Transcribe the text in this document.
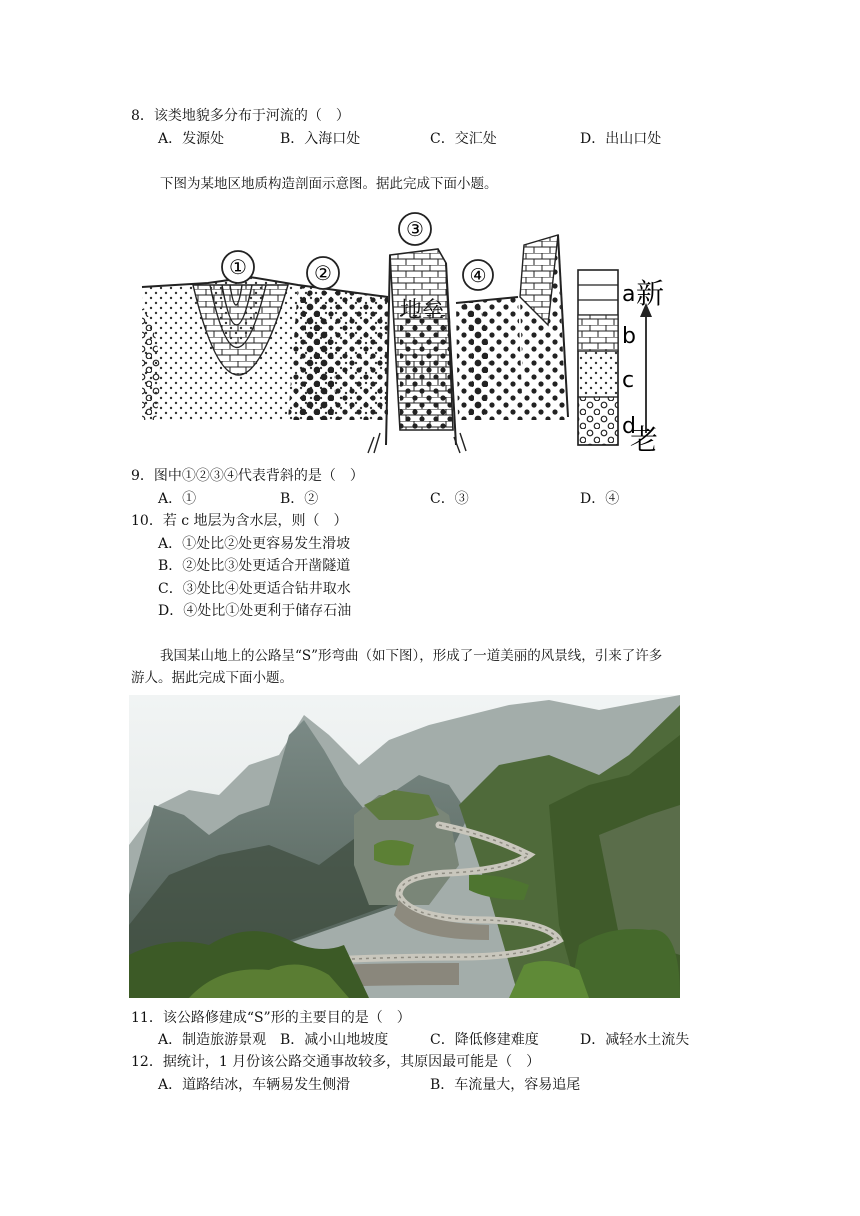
8．该类地貌多分布于河流的（　）
A．发源处	B．入海口处	C．交汇处	D．出山口处
下图为某地区地质构造剖面示意图。据此完成下面小题。
地垒
①	②
③
④
a
b
c
d
新
老
9．图中①②③④代表背斜的是（　）
A．①	B．②	C．③	D．④
10．若 c 地层为含水层，则（　）
A．①处比②处更容易发生滑坡
B．②处比③处更适合开凿隧道
C．③处比④处更适合钻井取水
D．④处比①处更利于储存石油
我国某山地上的公路呈“S”形弯曲（如下图），形成了一道美丽的风景线，引来了许多
游人。据此完成下面小题。
11．该公路修建成“S”形的主要目的是（　）
A．制造旅游景观 B．减小山地坡度	C．降低修建难度	D．减轻水土流失
12．据统计，1 月份该公路交通事故较多，其原因最可能是（　）
A．道路结冰，车辆易发生侧滑	B．车流量大，容易追尾
